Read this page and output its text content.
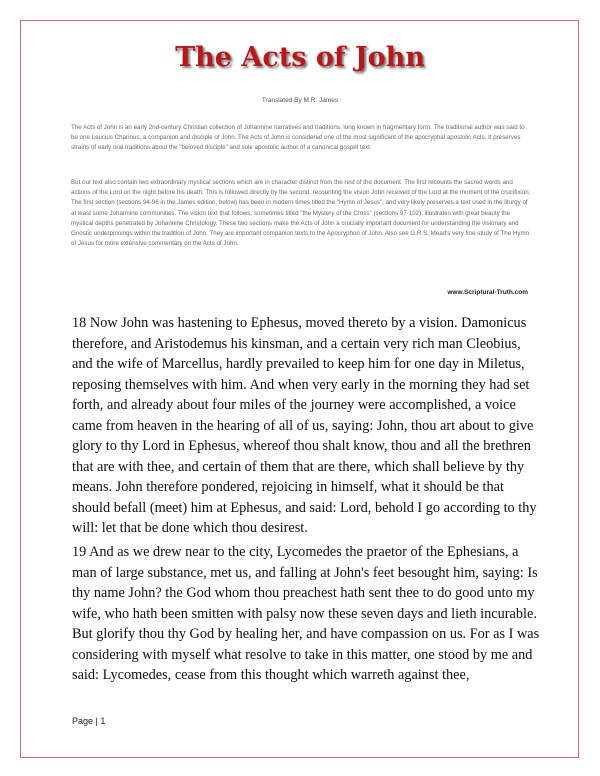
The Acts of John
Translated By M.R. James

The Acts of John is an early 2nd-century Christian collection of Johannine narratives and traditions, long known in fragmentary form. The traditional author was said to be one Leucius Charinus, a companion and disciple of John. The Acts of John is considered one of the most significant of the apocryphal apostolic Acts. It preserves strains of early oral traditions about the "beloved disciple" and sole apostolic author of a canonical gospel text.

But our text also contain two extraordinary mystical sections which are in character distinct from the rest of the document. The first recounts the sacred words and actions of the Lord on the night before his death. This is followed directly by the second, recounting the vision John received of the Lord at the moment of the crucifixion. The first section (sections 94-96 in the James edition, below) has been in modern times titled the "Hymn of Jesus", and very likely preserves a text used in the liturgy of at least some Johannine communities. The vision text that follows, sometimes titled "the Mystery of the Cross" (sections 97-102), illustrates with great beauty the mystical depths penetrated by Johannine Christology. These two sections make the Acts of John a crucially important document for understanding the visionary and Gnostic underpinnings within the tradition of John. They are important companion texts to the Apocryphon of John. Also see G.R.S. Mead's very fine study of The Hymn of Jesus for more extensive commentary on the Acts of John.

www.Scriptural-Truth.com

18 Now John was hastening to Ephesus, moved thereto by a vision. Damonicus therefore, and Aristodemus his kinsman, and a certain very rich man Cleobius, and the wife of Marcellus, hardly prevailed to keep him for one day in Miletus, reposing themselves with him. And when very early in the morning they had set forth, and already about four miles of the journey were accomplished, a voice came from heaven in the hearing of all of us, saying: John, thou art about to give glory to thy Lord in Ephesus, whereof thou shalt know, thou and all the brethren that are with thee, and certain of them that are there, which shall believe by thy means. John therefore pondered, rejoicing in himself, what it should be that should befall (meet) him at Ephesus, and said: Lord, behold I go according to thy will: let that be done which thou desirest.

19 And as we drew near to the city, Lycomedes the praetor of the Ephesians, a man of large substance, met us, and falling at John's feet besought him, saying: Is thy name John? the God whom thou preachest hath sent thee to do good unto my wife, who hath been smitten with palsy now these seven days and lieth incurable. But glorify thou thy God by healing her, and have compassion on us. For as I was considering with myself what resolve to take in this matter, one stood by me and said: Lycomedes, cease from this thought which warreth against thee,

Page | 1
